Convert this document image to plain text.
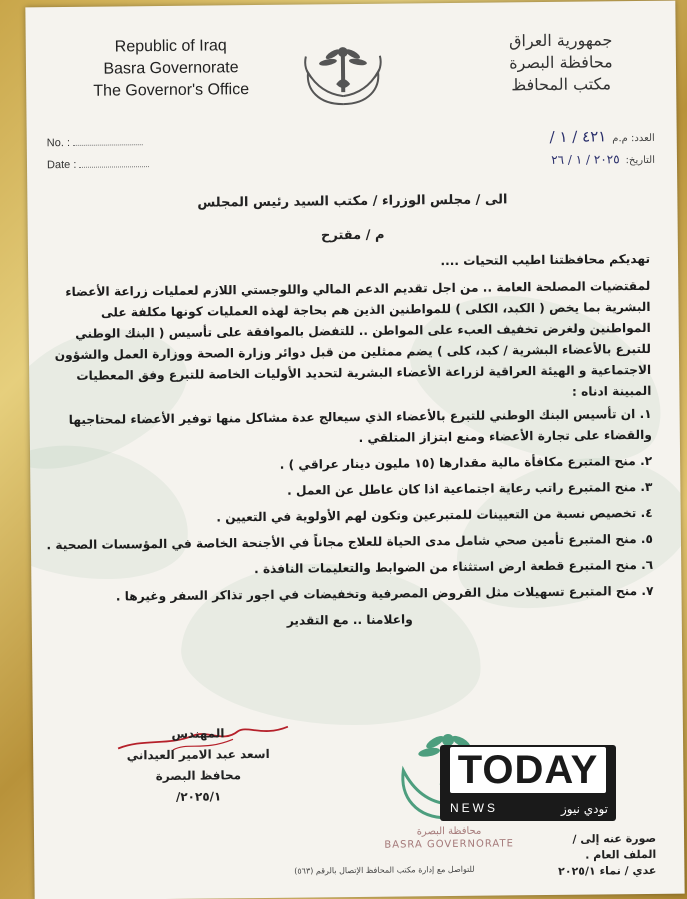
Republic of Iraq
Basra Governorate
The Governor's Office
جمهورية العراق
محافظة البصرة
مكتب المحافظ
No. :
Date :
العدد: م.م٤٢١ / ١ /
التاريخ:٢٠٢٥ / ١ / ٢٦
الى / مجلس الوزراء / مكتب السيد رئيس المجلس
م / مقترح

تهديكم محافظتنا اطيب التحيات ....

لمقتضيات المصلحة العامة .. من اجل تقديم الدعم المالي واللوجستي اللازم لعمليات زراعة الأعضاء البشرية بما يخص ( الكبد، الكلى ) للمواطنين الذين هم بحاجة لهذه العمليات كونها مكلفة على المواطنين ولغرض تخفيف العبء على المواطن .. للتفضل بالموافقة على تأسيس ( البنك الوطني للتبرع بالأعضاء البشرية / كبد، كلى ) يضم ممثلين من قبل دوائر وزارة الصحة ووزارة العمل والشؤون الاجتماعية و الهيئة العراقية لزراعة الأعضاء البشرية لتحديد الأوليات الخاصة للتبرع وفق المعطيات المبينة ادناه :

١. ان تأسيس البنك الوطني للتبرع بالأعضاء الذي سيعالج عدة مشاكل منها توفير الأعضاء لمحتاجيها والقضاء على تجارة الأعضاء ومنع ابتزاز المتلقي .
٢. منح المتبرع مكافأة مالية مقدارها (١٥ مليون دينار عراقي ) .
٣. منح المتبرع راتب رعاية اجتماعية اذا كان عاطل عن العمل .
٤. تخصيص نسبة من التعيينات للمتبرعين وتكون لهم الأولوية في التعيين .
٥. منح المتبرع تأمين صحي شامل مدى الحياة للعلاج مجاناً في الأجنحة الخاصة في المؤسسات الصحية .
٦. منح المتبرع قطعة ارض استثناء من الضوابط والتعليمات النافذة .
٧. منح المتبرع تسهيلات مثل القروض المصرفية وتخفيضات في اجور تذاكر السفر وغيرها .

واعلامنا .. مع التقدير

المهندس
اسعد عبد الامير العيداني
محافظ البصرة
٢٠٢٥/١/
محافظة البصرة
BASRA GOVERNORATE	صورة عنه إلى /
الملف العام .
عدي / نماء ٢٠٢٥/١
للتواصل مع إدارة مكتب المحافظ الإتصال بالرقم (٥٦٣)
TODAY
NEWS	تودي نيوز
